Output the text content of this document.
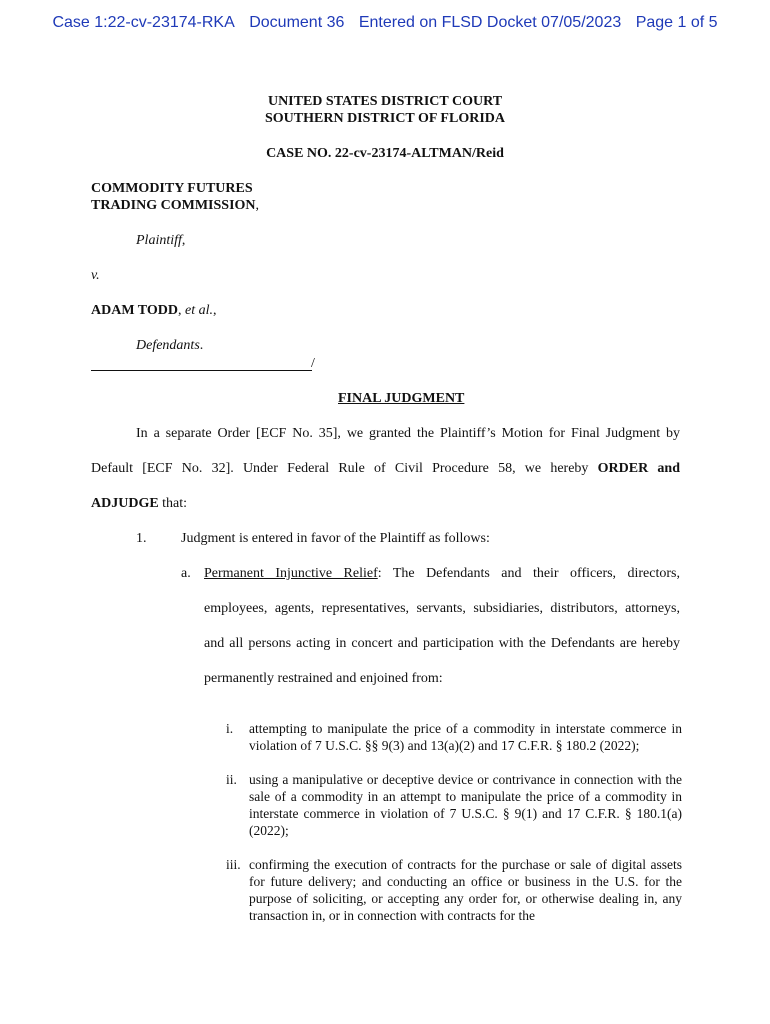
Case 1:22-cv-23174-RKA Document 36 Entered on FLSD Docket 07/05/2023 Page 1 of 5
UNITED STATES DISTRICT COURT
SOUTHERN DISTRICT OF FLORIDA
CASE NO. 22-cv-23174-ALTMAN/Reid
COMMODITY FUTURES
TRADING COMMISSION,
Plaintiff,
v.
ADAM TODD, et al.,
Defendants.
/
FINAL JUDGMENT
In a separate Order [ECF No. 35], we granted the Plaintiff’s Motion for Final Judgment by
Default [ECF No. 32]. Under Federal Rule of Civil Procedure 58, we hereby ORDER and
ADJUDGE that:
1. Judgment is entered in favor of the Plaintiff as follows:
a. Permanent Injunctive Relief: The Defendants and their officers, directors,
employees, agents, representatives, servants, subsidiaries, distributors, attorneys,
and all persons acting in concert and participation with the Defendants are hereby
permanently restrained and enjoined from:
i. attempting to manipulate the price of a commodity in interstate commerce in violation of 7 U.S.C. §§ 9(3) and 13(a)(2) and 17 C.F.R. § 180.2 (2022);
ii. using a manipulative or deceptive device or contrivance in connection with the sale of a commodity in an attempt to manipulate the price of a commodity in interstate commerce in violation of 7 U.S.C. § 9(1) and 17 C.F.R. § 180.1(a) (2022);
iii. confirming the execution of contracts for the purchase or sale of digital assets for future delivery; and conducting an office or business in the U.S. for the purpose of soliciting, or accepting any order for, or otherwise dealing in, any transaction in, or in connection with contracts for the
